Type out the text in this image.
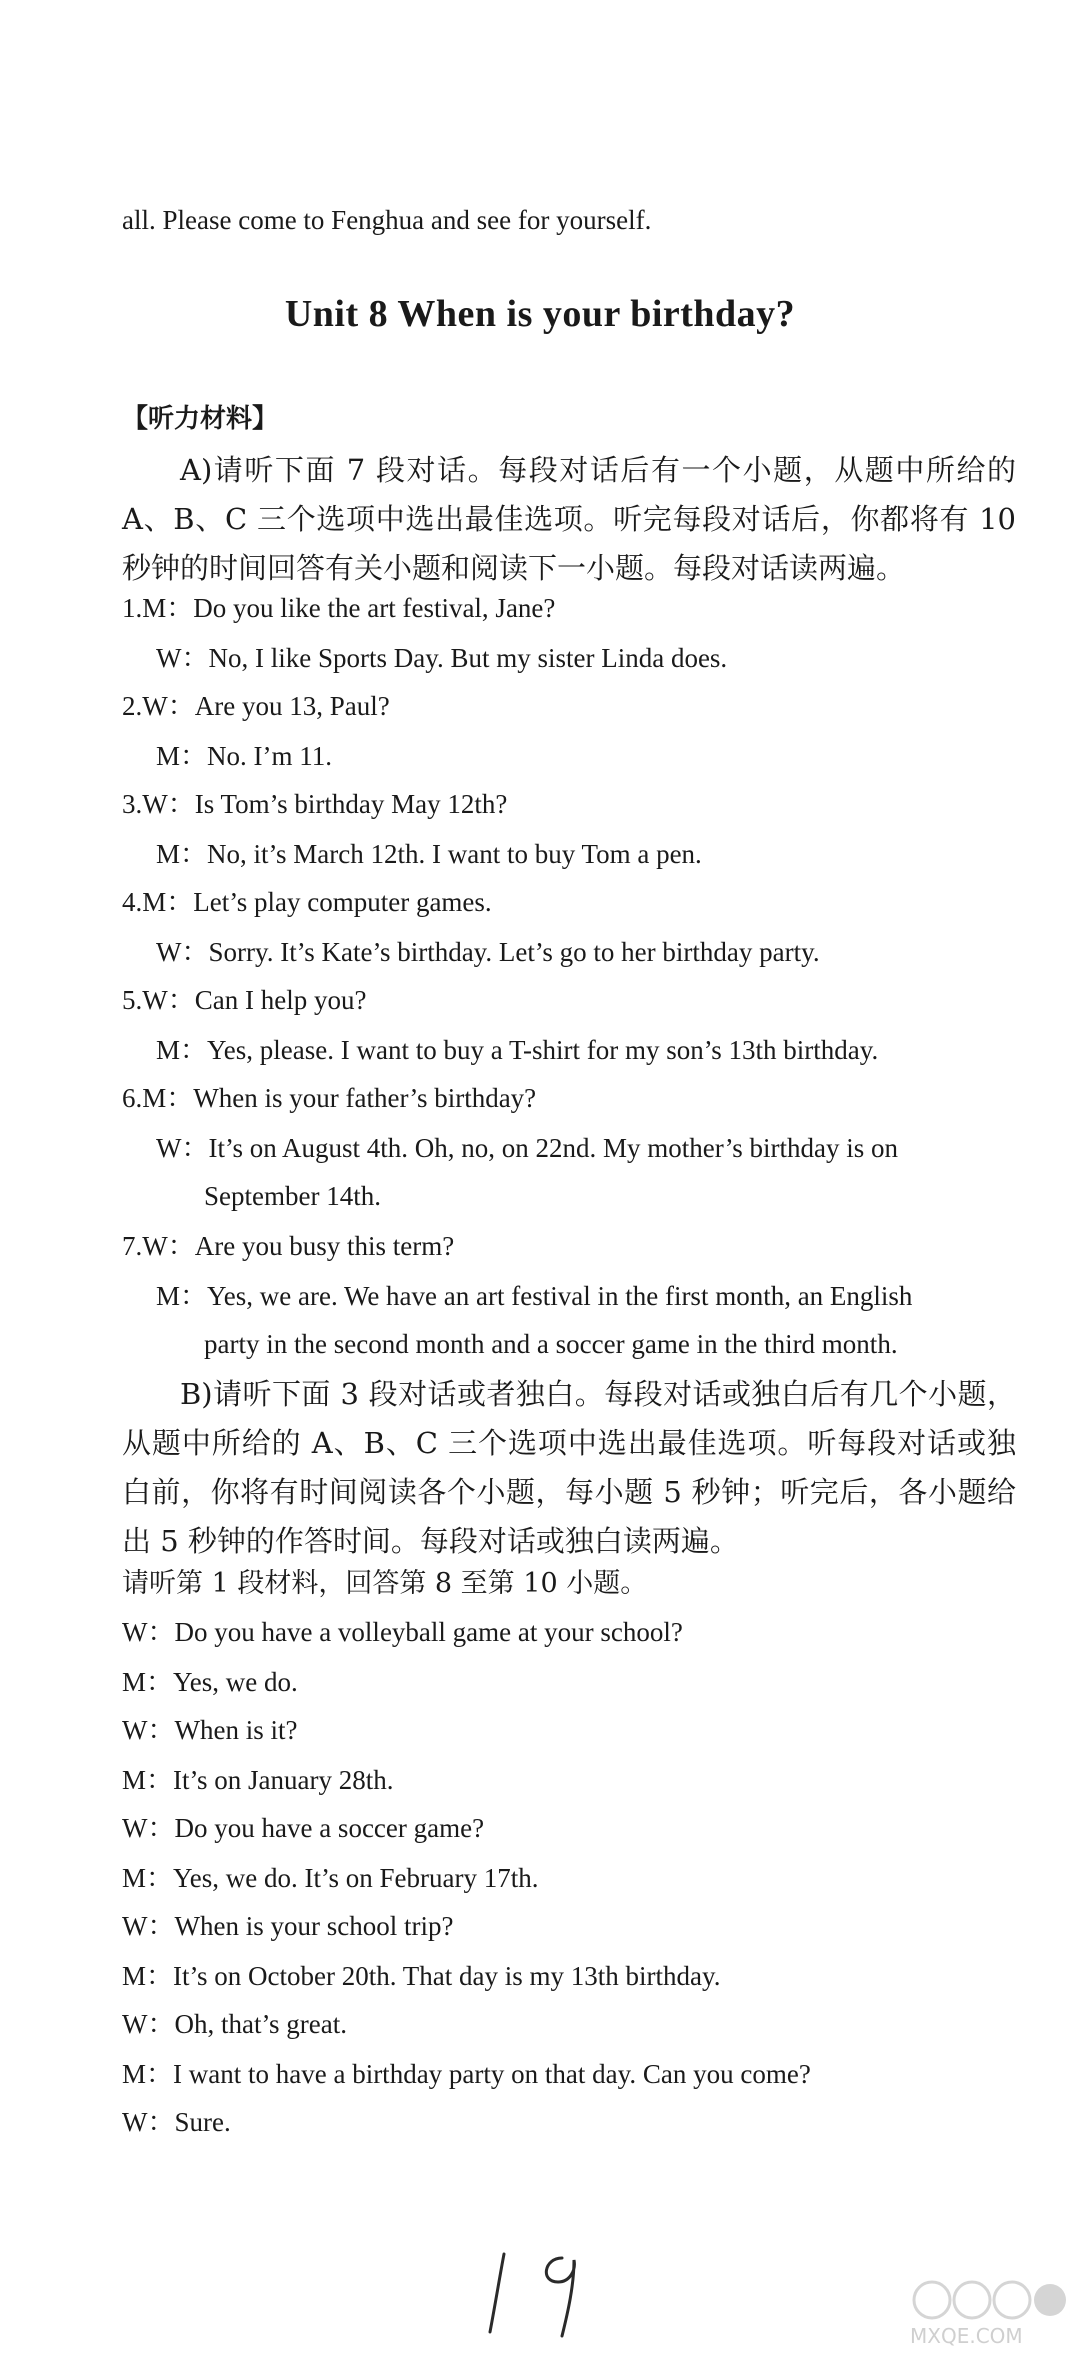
all. Please come to Fenghua and see for yourself.
Unit 8 When is your birthday?
【听力材料】
A)请听下面 7 段对话。每段对话后有一个小题，从题中所给的 A、B、C 三个选项中选出最佳选项。听完每段对话后，你都将有 10 秒钟的时间回答有关小题和阅读下一小题。每段对话读两遍。
1.M：Do you like the art festival, Jane?
W：No, I like Sports Day. But my sister Linda does.
2.W：Are you 13, Paul?
M：No. I’m 11.
3.W：Is Tom’s birthday May 12th?
M：No, it’s March 12th. I want to buy Tom a pen.
4.M：Let’s play computer games.
W：Sorry. It’s Kate’s birthday. Let’s go to her birthday party.
5.W：Can I help you?
M：Yes, please. I want to buy a T-shirt for my son’s 13th birthday.
6.M：When is your father’s birthday?
W：It’s on August 4th. Oh, no, on 22nd. My mother’s birthday is on
September 14th.
7.W：Are you busy this term?
M：Yes, we are. We have an art festival in the first month, an English
party in the second month and a soccer game in the third month.
B)请听下面 3 段对话或者独白。每段对话或独白后有几个小题，从题中所给的 A、B、C 三个选项中选出最佳选项。听每段对话或独白前，你将有时间阅读各个小题，每小题 5 秒钟；听完后，各小题给出 5 秒钟的作答时间。每段对话或独白读两遍。
请听第 1 段材料，回答第 8 至第 10 小题。
W：Do you have a volleyball game at your school?
M：Yes, we do.
W：When is it?
M：It’s on January 28th.
W：Do you have a soccer game?
M：Yes, we do. It’s on February 17th.
W：When is your school trip?
M：It’s on October 20th. That day is my 13th birthday.
W：Oh, that’s great.
M：I want to have a birthday party on that day. Can you come?
W：Sure.
MXQE.COM
